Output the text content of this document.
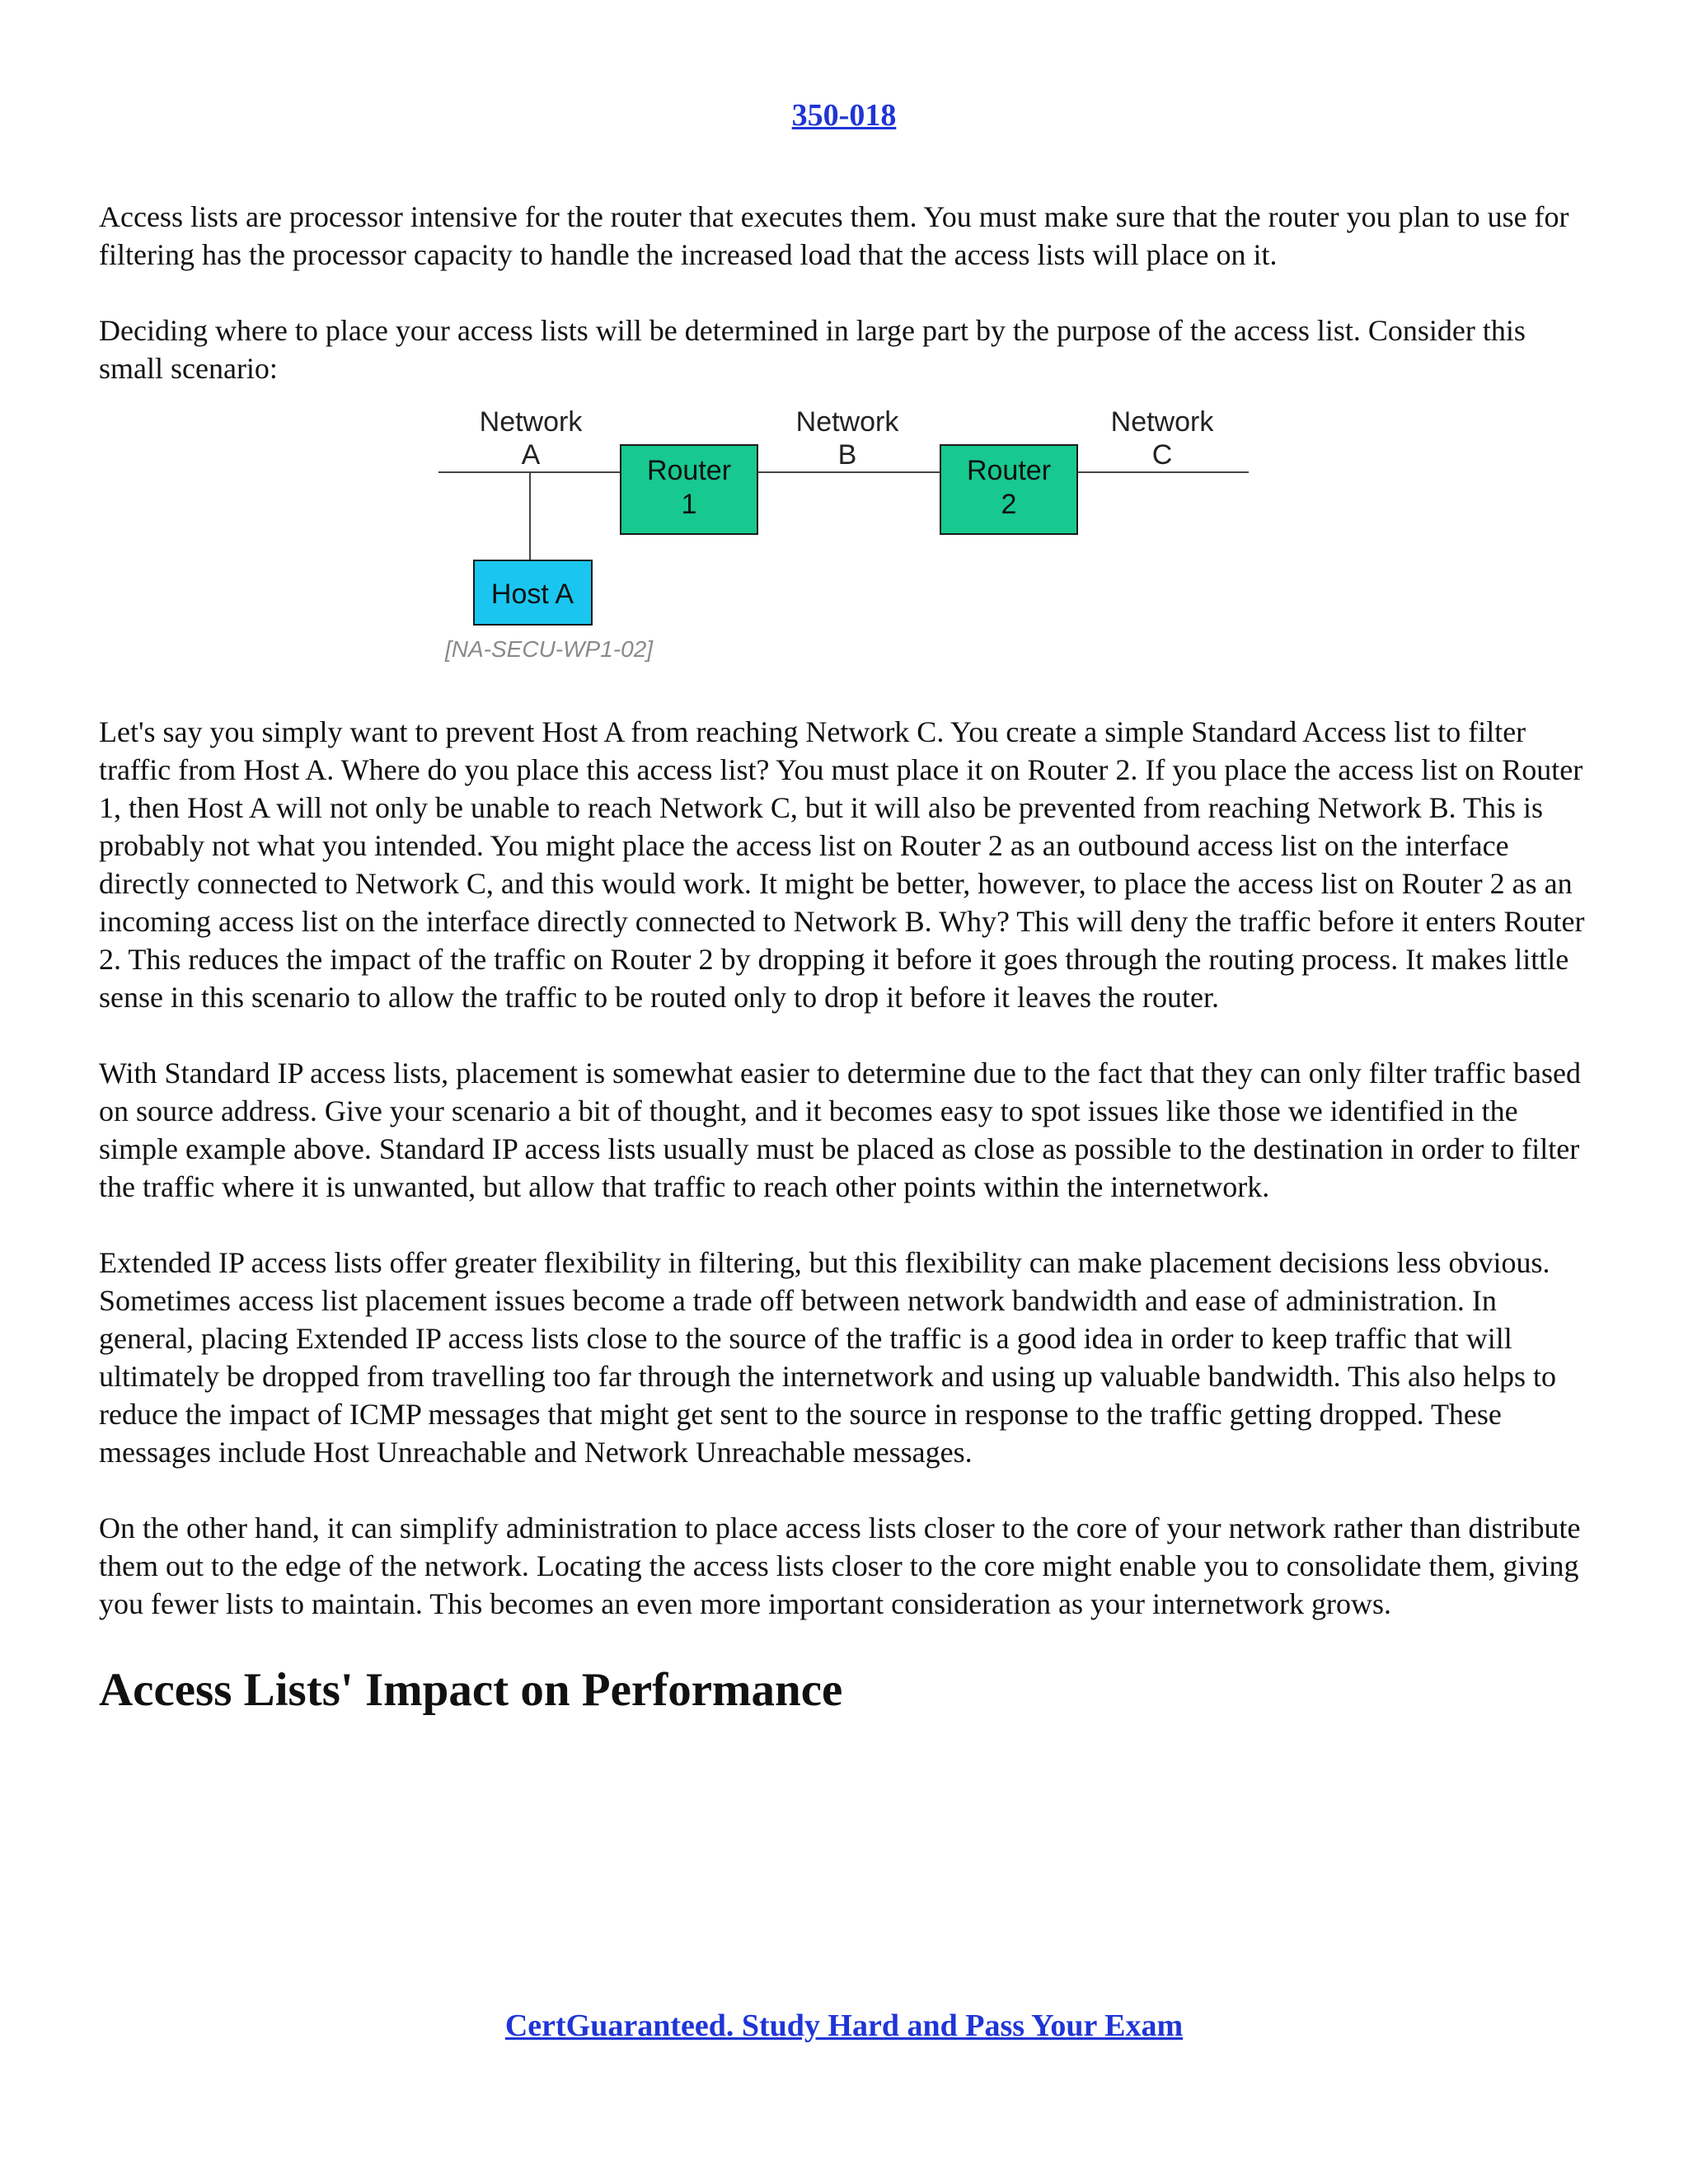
350-018

Access lists are processor intensive for the router that executes them. You must make sure that the router you plan to use for filtering has the processor capacity to handle the increased load that the access lists will place on it.

Deciding where to place your access lists will be determined in large part by the purpose of the access list. Consider this small scenario:

Network
A
Network
B
Network
C
Router
1
Router
2
Host A
[NA-SECU-WP1-02]

Let's say you simply want to prevent Host A from reaching Network C. You create a simple Standard Access list to filter traffic from Host A. Where do you place this access list? You must place it on Router 2. If you place the access list on Router 1, then Host A will not only be unable to reach Network C, but it will also be prevented from reaching Network B. This is probably not what you intended. You might place the access list on Router 2 as an outbound access list on the interface directly connected to Network C, and this would work. It might be better, however, to place the access list on Router 2 as an incoming access list on the interface directly connected to Network B. Why? This will deny the traffic before it enters Router 2. This reduces the impact of the traffic on Router 2 by dropping it before it goes through the routing process. It makes little sense in this scenario to allow the traffic to be routed only to drop it before it leaves the router.

With Standard IP access lists, placement is somewhat easier to determine due to the fact that they can only filter traffic based on source address. Give your scenario a bit of thought, and it becomes easy to spot issues like those we identified in the simple example above. Standard IP access lists usually must be placed as close as possible to the destination in order to filter the traffic where it is unwanted, but allow that traffic to reach other points within the internetwork.

Extended IP access lists offer greater flexibility in filtering, but this flexibility can make placement decisions less obvious. Sometimes access list placement issues become a trade off between network bandwidth and ease of administration. In general, placing Extended IP access lists close to the source of the traffic is a good idea in order to keep traffic that will ultimately be dropped from travelling too far through the internetwork and using up valuable bandwidth. This also helps to reduce the impact of ICMP messages that might get sent to the source in response to the traffic getting dropped. These messages include Host Unreachable and Network Unreachable messages.

On the other hand, it can simplify administration to place access lists closer to the core of your network rather than distribute them out to the edge of the network. Locating the access lists closer to the core might enable you to consolidate them, giving you fewer lists to maintain. This becomes an even more important consideration as your internetwork grows.

Access Lists' Impact on Performance
CertGuaranteed. Study Hard and Pass Your Exam
